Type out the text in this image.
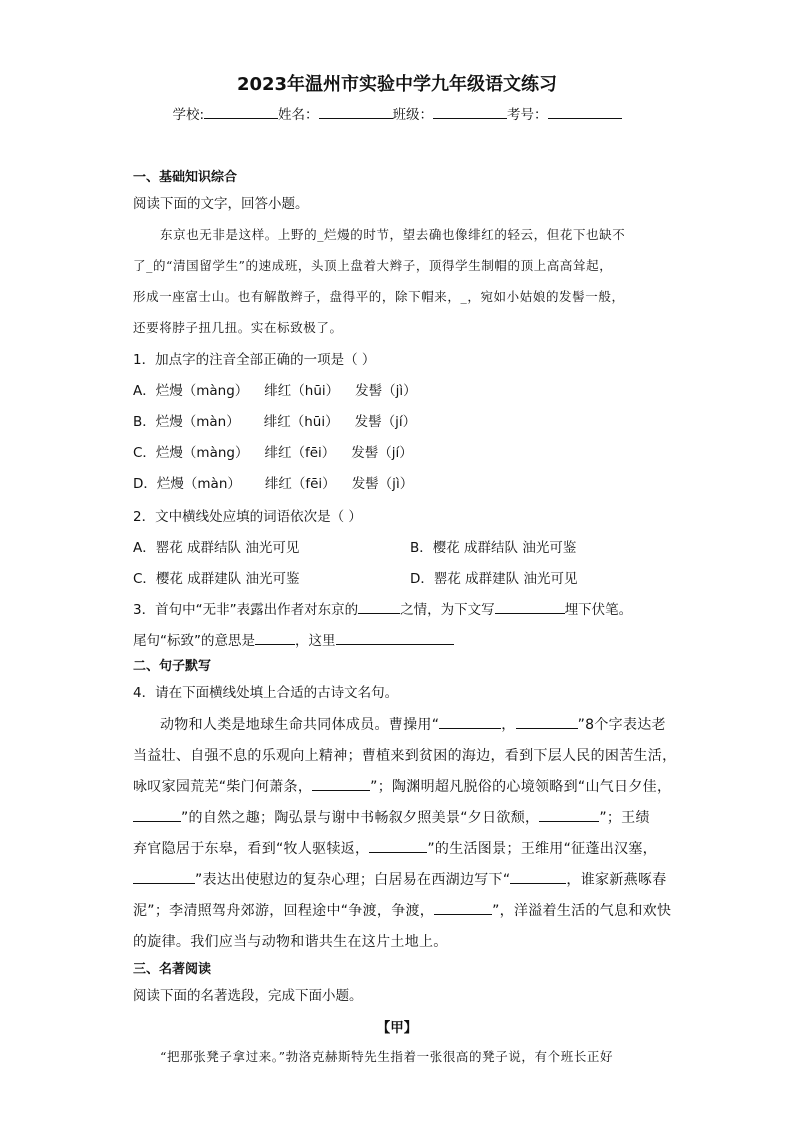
2023年温州市实验中学九年级语文练习
学校:	姓名：	班级：	考号：
一、基础知识综合
阅读下面的文字，回答小题。
东京也无非是这样。上野的_烂熳的时节，望去确也像绯红的轻云，但花下也缺不
了_的“清国留学生”的速成班，头顶上盘着大辫子，顶得学生制帽的顶上高高耸起，
形成一座富士山。也有解散辫子，盘得平的，除下帽来，_，宛如小姑娘的发髻一般，
还要将脖子扭几扭。实在标致极了。
1．加点字的注音全部正确的一项是（ ）
A．烂熳（màng） 绯红（hūi） 发髻（jì）
B．烂熳（màn） 绯红（hūi） 发髻（jí）
C．烂熳（màng） 绯红（fēi） 发髻（jí）
D．烂熳（màn） 绯红（fēi） 发髻（jì）
2．文中横线处应填的词语依次是（ ）
A．罂花 成群结队 油光可见	B．樱花 成群结队 油光可鉴
C．樱花 成群建队 油光可鉴	D．罂花 成群建队 油光可见
3．首句中“无非”表露出作者对东京的	之情，为下文写	埋下伏笔。
尾句“标致”的意思是	，这里
二、句子默写
4．请在下面横线处填上合适的古诗文名句。
动物和人类是地球生命共同体成员。曹操用“	，	”8个字表达老
当益壮、自强不息的乐观向上精神；曹植来到贫困的海边，看到下层人民的困苦生活，
咏叹家园荒芜“柴门何萧条，	”；陶渊明超凡脱俗的心境领略到“山气日夕佳，
”的自然之趣；陶弘景与谢中书畅叙夕照美景“夕日欲颓，	”；王绩
弃官隐居于东皋，看到“牧人驱犊返，	”的生活图景；王维用“征蓬出汉塞，
”表达出使慰边的复杂心理；白居易在西湖边写下“	，谁家新燕啄春
泥”；李清照驾舟郊游，回程途中“争渡，争渡，	”，洋溢着生活的气息和欢快
的旋律。我们应当与动物和谐共生在这片土地上。
三、名著阅读
阅读下面的名著选段，完成下面小题。
【甲】
“把那张凳子拿过来。”勃洛克赫斯特先生指着一张很高的凳子说，有个班长正好
